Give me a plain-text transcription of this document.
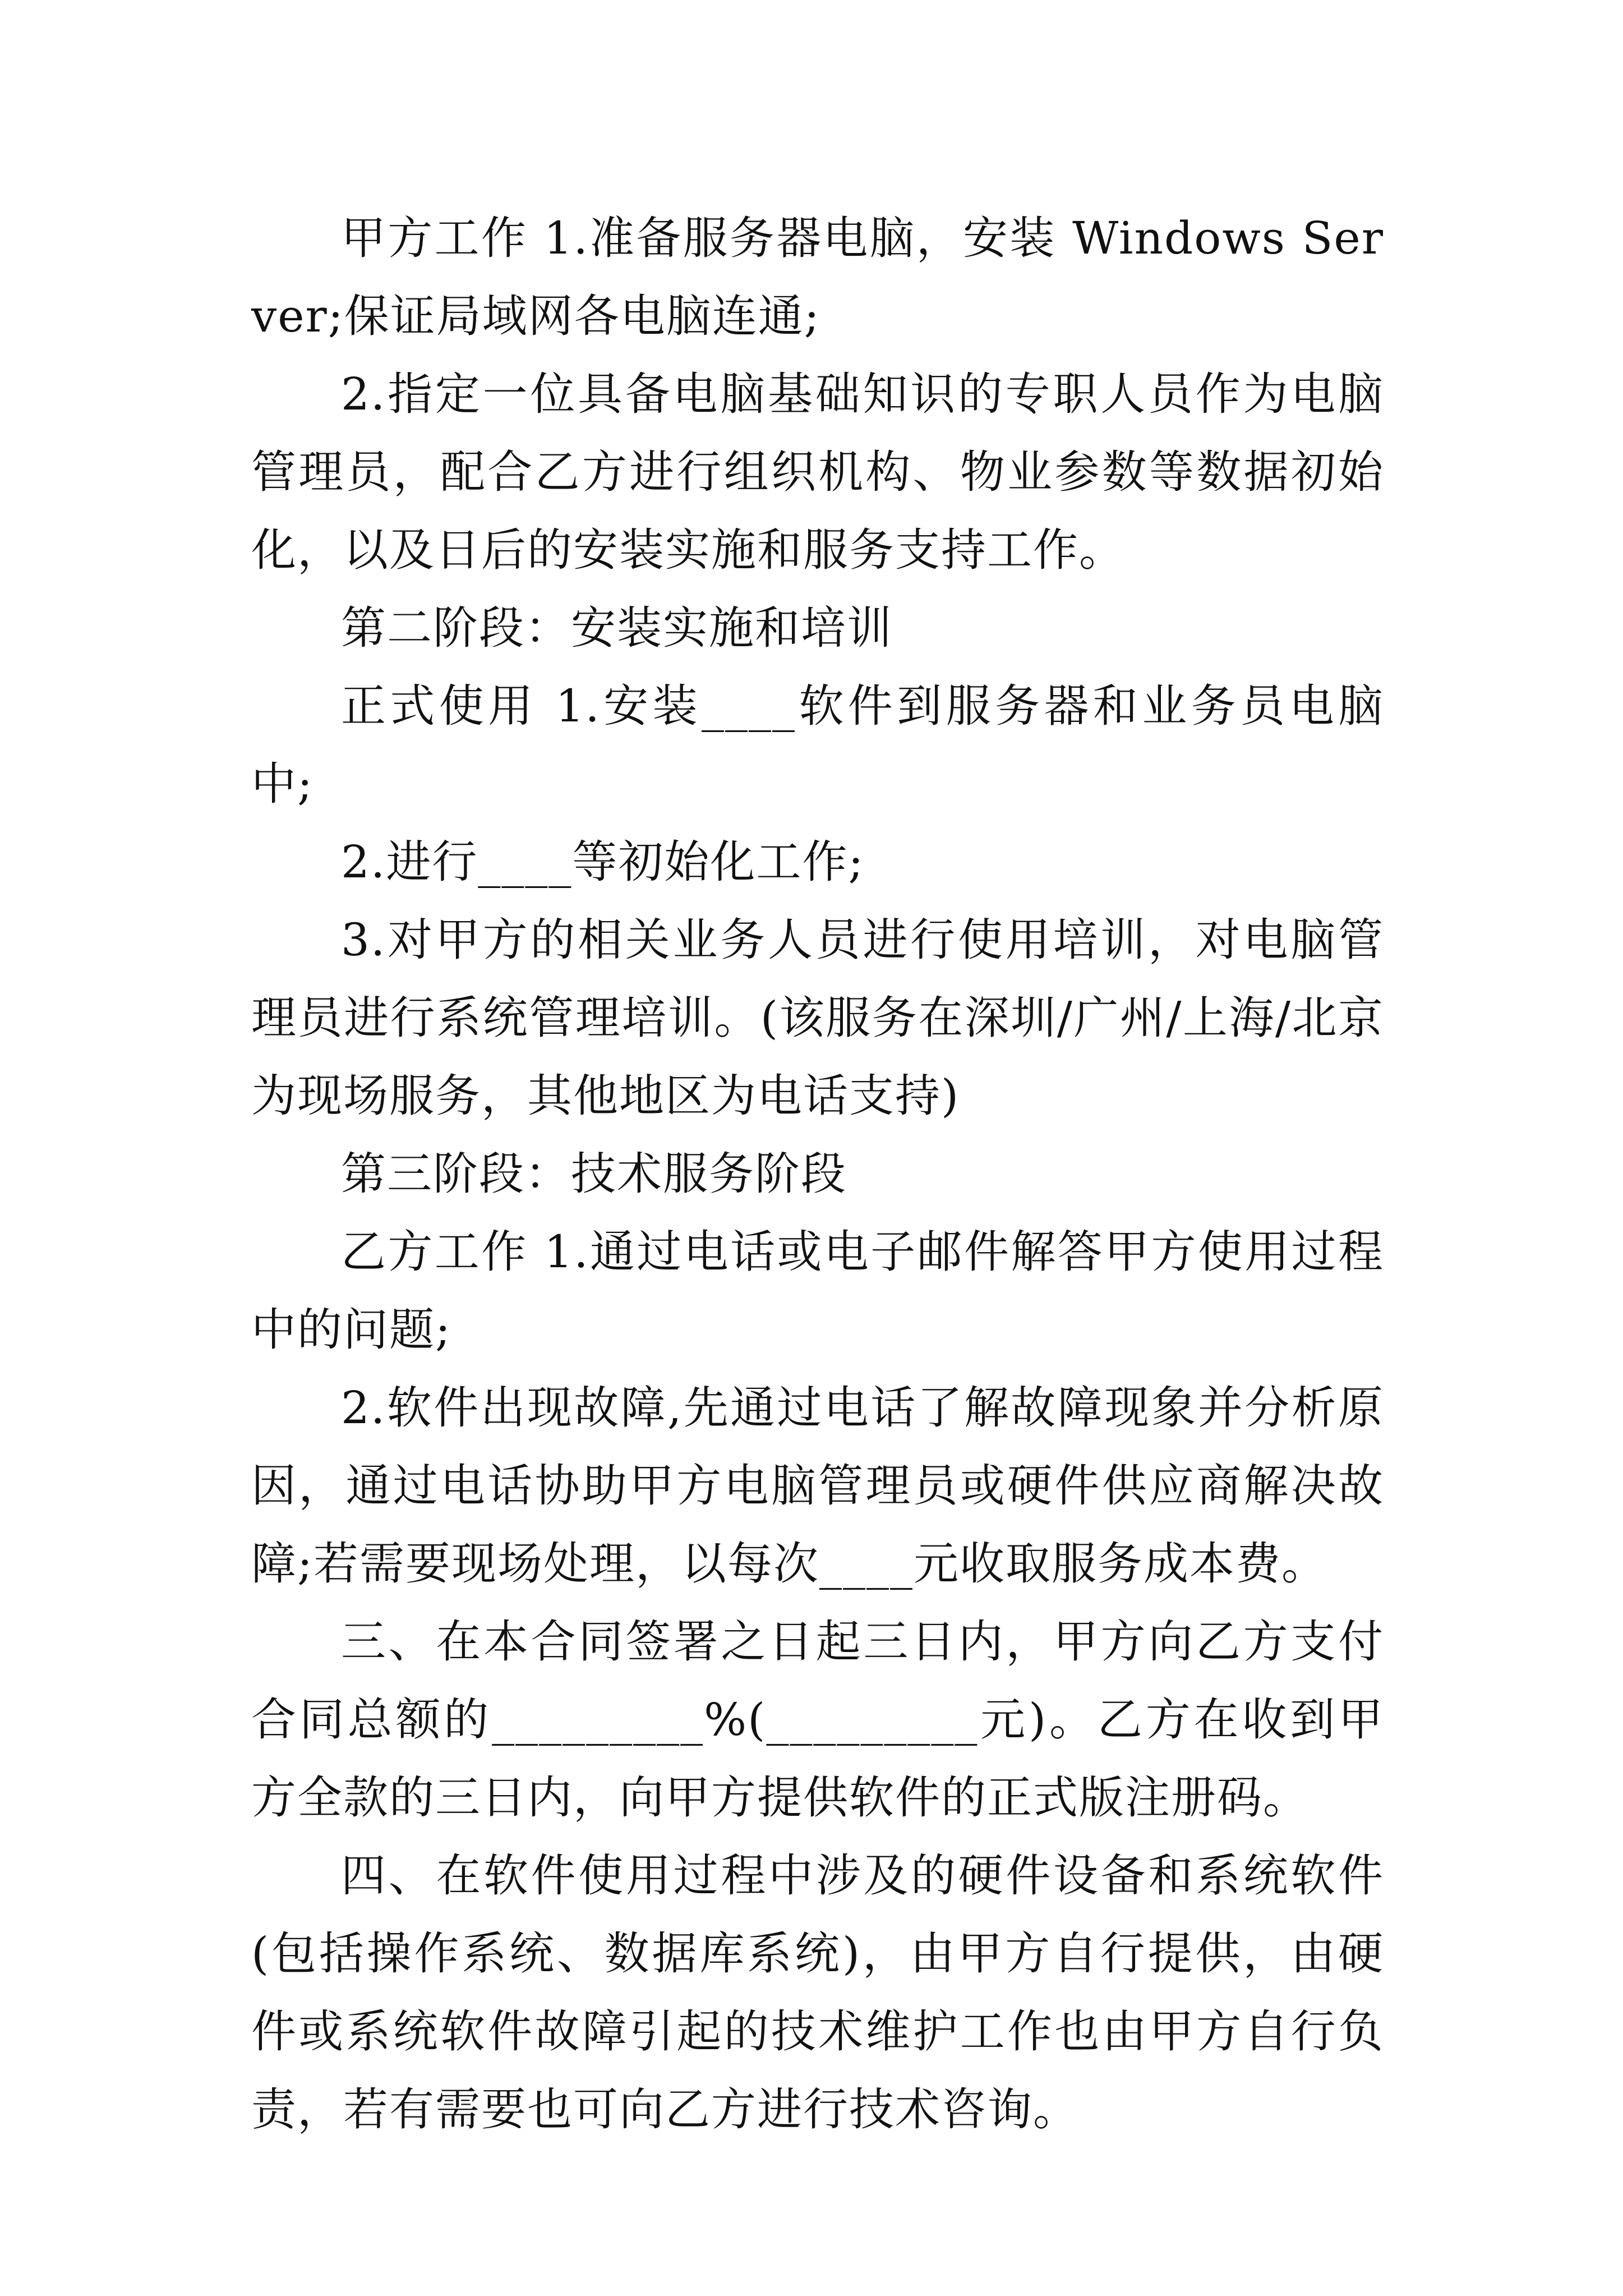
甲方工作 1.准备服务器电脑，安装 Windows Server;保证局域网各电脑连通;

2.指定一位具备电脑基础知识的专职人员作为电脑管理员，配合乙方进行组织机构、物业参数等数据初始化，以及日后的安装实施和服务支持工作。

第二阶段：安装实施和培训

正式使用 1.安装____软件到服务器和业务员电脑中;

2.进行____等初始化工作;

3.对甲方的相关业务人员进行使用培训，对电脑管理员进行系统管理培训。(该服务在深圳/广州/上海/北京为现场服务，其他地区为电话支持)

第三阶段：技术服务阶段

乙方工作 1.通过电话或电子邮件解答甲方使用过程中的问题;

2.软件出现故障,先通过电话了解故障现象并分析原因，通过电话协助甲方电脑管理员或硬件供应商解决故障;若需要现场处理，以每次____元收取服务成本费。

三、在本合同签署之日起三日内，甲方向乙方支付合同总额的_________%(_________元)。乙方在收到甲方全款的三日内，向甲方提供软件的正式版注册码。

四、在软件使用过程中涉及的硬件设备和系统软件(包括操作系统、数据库系统)，由甲方自行提供，由硬件或系统软件故障引起的技术维护工作也由甲方自行负责，若有需要也可向乙方进行技术咨询。
